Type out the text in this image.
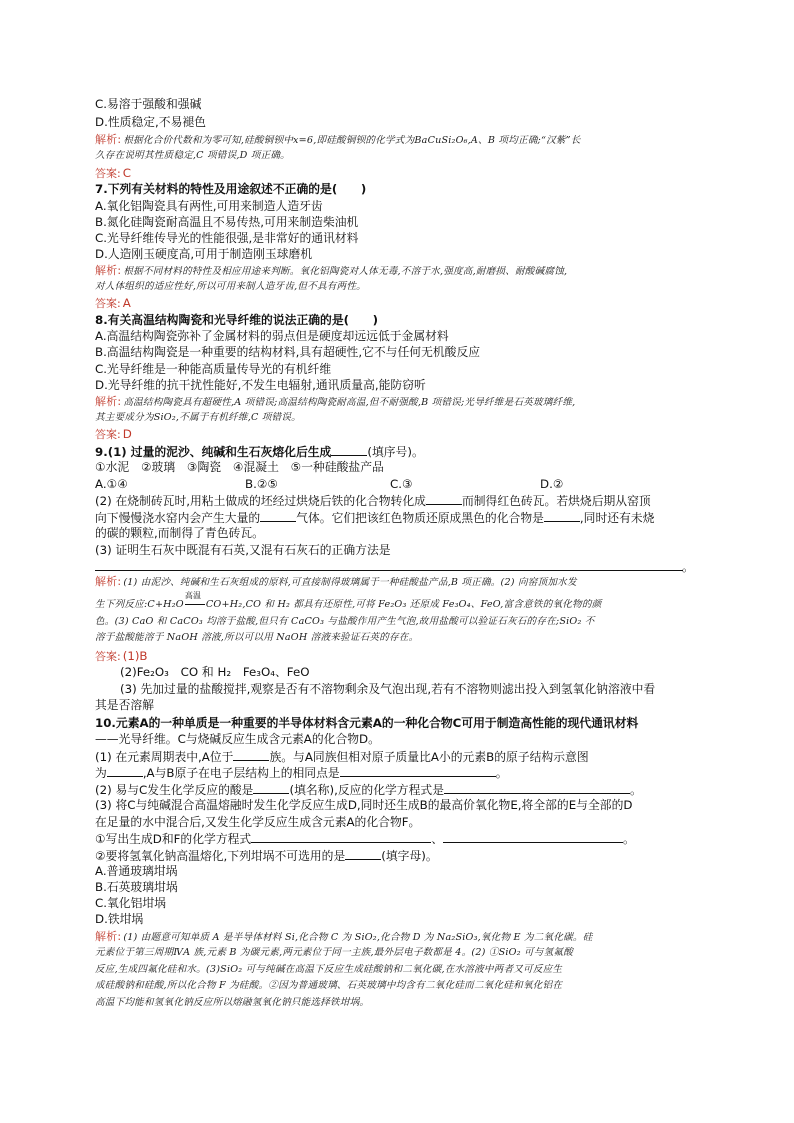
C.易溶于强酸和强碱
D.性质稳定,不易褪色
解析: 根据化合价代数和为零可知,硅酸铜钡中x=6,即硅酸铜钡的化学式为BaCuSi₂O₆,A、B 项均正确;“汉紫”长
久存在说明其性质稳定,C 项错误,D 项正确。
答案: C
7.下列有关材料的特性及用途叙述不正确的是(　　)
A.氧化铝陶瓷具有两性,可用来制造人造牙齿
B.氮化硅陶瓷耐高温且不易传热,可用来制造柴油机
C.光导纤维传导光的性能很强,是非常好的通讯材料
D.人造刚玉硬度高,可用于制造刚玉球磨机
解析: 根据不同材料的特性及相应用途来判断。氧化铝陶瓷对人体无毒,不溶于水,强度高,耐磨损、耐酸碱腐蚀,
对人体组织的适应性好,所以可用来制人造牙齿,但不具有两性。
答案: A
8.有关高温结构陶瓷和光导纤维的说法正确的是(　　)
A.高温结构陶瓷弥补了金属材料的弱点但是硬度却远远低于金属材料
B.高温结构陶瓷是一种重要的结构材料,具有超硬性,它不与任何无机酸反应
C.光导纤维是一种能高质量传导光的有机纤维
D.光导纤维的抗干扰性能好,不发生电辐射,通讯质量高,能防窃听
解析: 高温结构陶瓷具有超硬性,A 项错误;高温结构陶瓷耐高温,但不耐强酸,B 项错误;光导纤维是石英玻璃纤维,
其主要成分为SiO₂,不属于有机纤维,C 项错误。
答案: D
9.(1) 过量的泥沙、纯碱和生石灰熔化后生成	(填序号)。
①水泥　②玻璃　③陶瓷　④混凝土　⑤一种硅酸盐产品
A.①④	B.②⑤	C.③	D.②
(2) 在烧制砖瓦时,用粘土做成的坯经过烘烧后铁的化合物转化成	而制得红色砖瓦。若烘烧后期从窑顶
向下慢慢浇水窑内会产生大量的	气体。它们把该红色物质还原成黑色的化合物是	,同时还有未烧
的碳的颗粒,而制得了青色砖瓦。
(3) 证明生石灰中既混有石英,又混有石灰石的正确方法是
。
解析: (1) 由泥沙、纯碱和生石灰组成的原料,可直接制得玻璃属于一种硅酸盐产品,B 项正确。(2) 向窑顶加水发
生下列反应:C+H₂O
高温
CO+H₂,CO 和 H₂ 都具有还原性,可将 Fe₂O₃ 还原成 Fe₃O₄、FeO,富含意铁的氧化物的颜
色。(3) CaO 和 CaCO₃ 均溶于盐酸,但只有 CaCO₃ 与盐酸作用产生气泡,故用盐酸可以验证石灰石的存在;SiO₂ 不
溶于盐酸能溶于 NaOH 溶液,所以可以用 NaOH 溶液来验证石英的存在。
答案: (1)B
(2)Fe₂O₃　CO 和 H₂　Fe₃O₄、FeO
(3) 先加过量的盐酸搅拌,观察是否有不溶物剩余及气泡出现,若有不溶物则滤出投入到氢氧化钠溶液中看
其是否溶解
10.元素A的一种单质是一种重要的半导体材料含元素A的一种化合物C可用于制造高性能的现代通讯材料
——光导纤维。C与烧碱反应生成含元素A的化合物D。
(1) 在元素周期表中,A位于	族。与A同族但相对原子质量比A小的元素B的原子结构示意图
为	,A与B原子在电子层结构上的相同点是	。
(2) 易与C发生化学反应的酸是	(填名称),反应的化学方程式是	。
(3) 将C与纯碱混合高温熔融时发生化学反应生成D,同时还生成B的最高价氧化物E,将全部的E与全部的D
在足量的水中混合后,又发生化学反应生成含元素A的化合物F。
①写出生成D和F的化学方程式	、	。
②要将氢氧化钠高温熔化,下列坩埚不可选用的是	(填字母)。
A.普通玻璃坩埚
B.石英玻璃坩埚
C.氧化铝坩埚
D.铁坩埚
解析: (1) 由题意可知单质 A 是半导体材料 Si,化合物 C 为 SiO₂,化合物 D 为 Na₂SiO₃,氧化物 E 为二氧化碳。硅
元素位于第三周期ⅣA 族,元素 B 为碳元素,两元素位于同一主族,最外层电子数都是 4。(2) ①SiO₂ 可与氢氟酸
反应,生成四氟化硅和水。(3)SiO₂ 可与纯碱在高温下反应生成硅酸钠和二氧化碳,在水溶液中两者又可反应生
成硅酸钠和硅酸,所以化合物 F 为硅酸。②因为普通玻璃、石英玻璃中均含有二氧化硅而二氧化硅和氧化铝在
高温下均能和氢氧化钠反应所以熔融氢氧化钠只能选择铁坩埚。
